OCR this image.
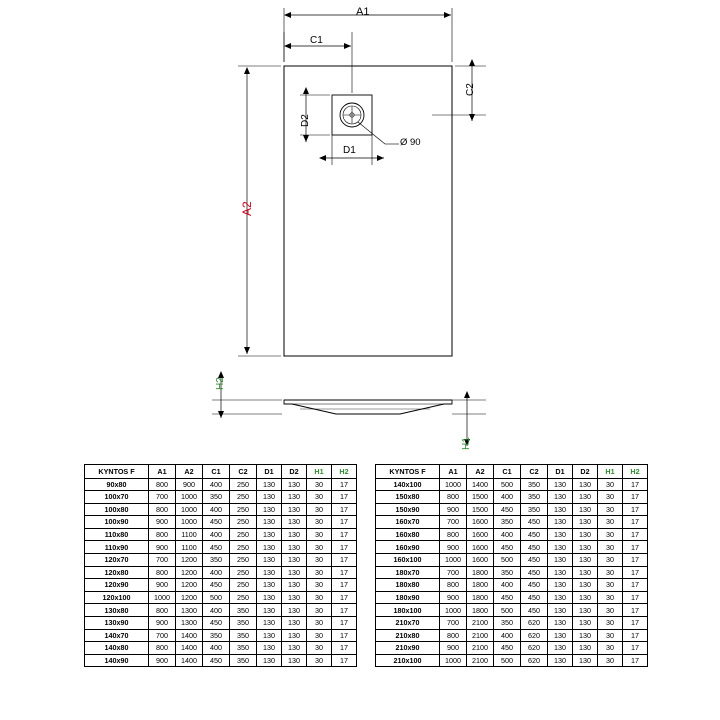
A1
C1
C2
D2
D1
Ø 90
A2
H2
H1
KYNTOS F	A1	A2	C1	C2	D1	D2	H1	H2
90x80	800	900	400	250	130	130	30	17
100x70	700	1000	350	250	130	130	30	17
100x80	800	1000	400	250	130	130	30	17
100x90	900	1000	450	250	130	130	30	17
110x80	800	1100	400	250	130	130	30	17
110x90	900	1100	450	250	130	130	30	17
120x70	700	1200	350	250	130	130	30	17
120x80	800	1200	400	250	130	130	30	17
120x90	900	1200	450	250	130	130	30	17
120x100	1000	1200	500	250	130	130	30	17
130x80	800	1300	400	350	130	130	30	17
130x90	900	1300	450	350	130	130	30	17
140x70	700	1400	350	350	130	130	30	17
140x80	800	1400	400	350	130	130	30	17
140x90	900	1400	450	350	130	130	30	17
KYNTOS F	A1	A2	C1	C2	D1	D2	H1	H2
140x100	1000	1400	500	350	130	130	30	17
150x80	800	1500	400	350	130	130	30	17
150x90	900	1500	450	350	130	130	30	17
160x70	700	1600	350	450	130	130	30	17
160x80	800	1600	400	450	130	130	30	17
160x90	900	1600	450	450	130	130	30	17
160x100	1000	1600	500	450	130	130	30	17
180x70	700	1800	350	450	130	130	30	17
180x80	800	1800	400	450	130	130	30	17
180x90	900	1800	450	450	130	130	30	17
180x100	1000	1800	500	450	130	130	30	17
210x70	700	2100	350	620	130	130	30	17
210x80	800	2100	400	620	130	130	30	17
210x90	900	2100	450	620	130	130	30	17
210x100	1000	2100	500	620	130	130	30	17
